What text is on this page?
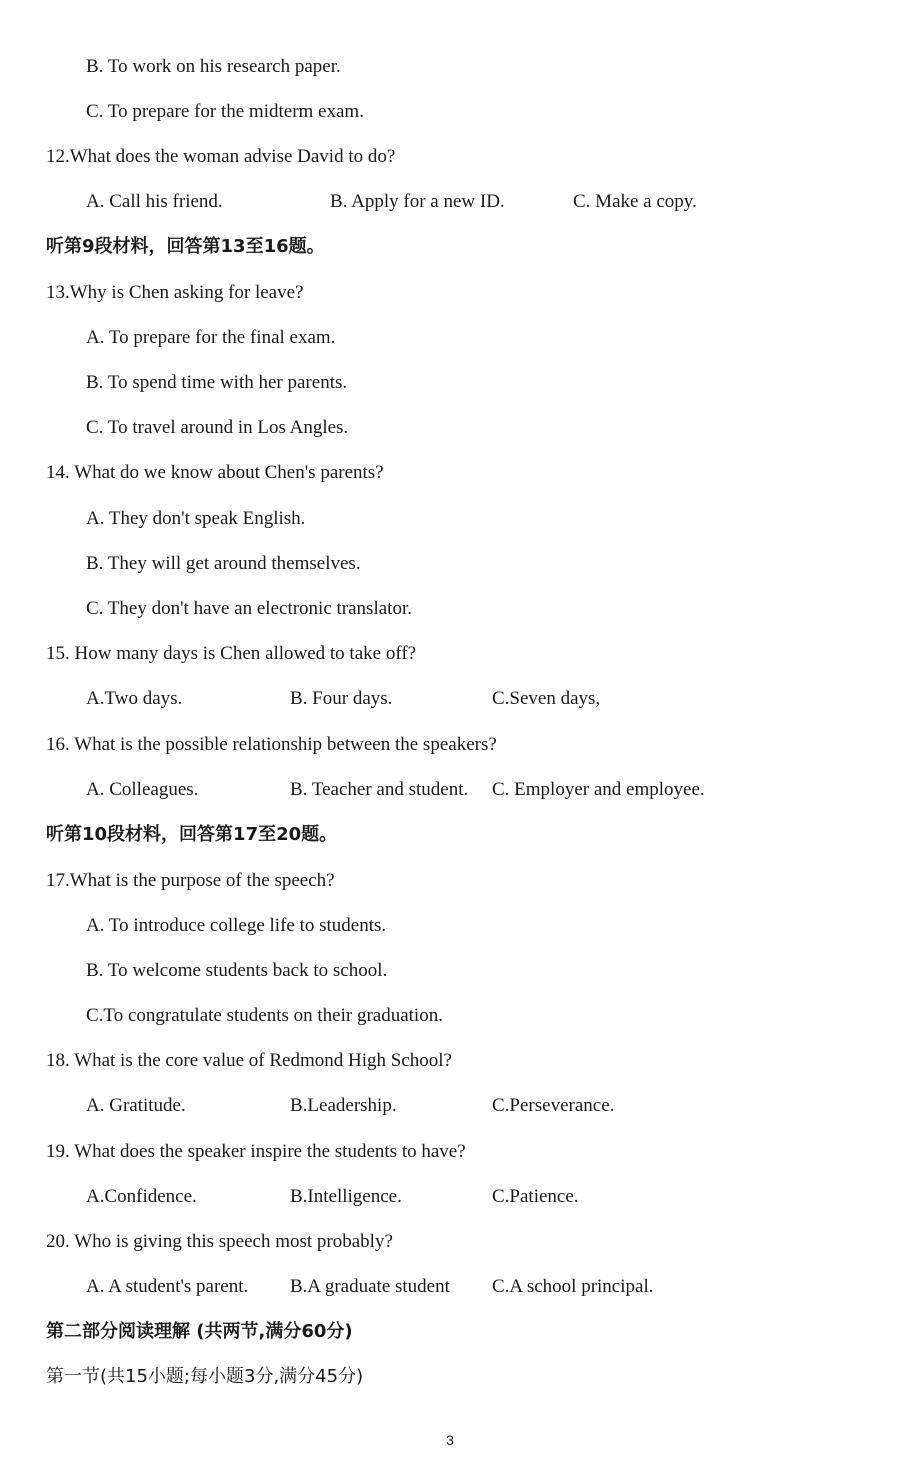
B. To work on his research paper.
C. To prepare for the midterm exam.
12.What does the woman advise David to do?
A. Call his friend.	B. Apply for a new ID.	C. Make a copy.
听第9段材料，回答第13至16题。
13.Why is Chen asking for leave?
A. To prepare for the final exam.
B. To spend time with her parents.
C. To travel around in Los Angles.
14. What do we know about Chen's parents?
A. They don't speak English.
B. They will get around themselves.
C. They don't have an electronic translator.
15. How many days is Chen allowed to take off?
A.Two days.	B. Four days.	C.Seven days,
16. What is the possible relationship between the speakers?
A. Colleagues.	B. Teacher and student. C. Employer and employee.
听第10段材料，回答第17至20题。
17.What is the purpose of the speech?
A. To introduce college life to students.
B. To welcome students back to school.
C.To congratulate students on their graduation.
18. What is the core value of Redmond High School?
A. Gratitude.	B.Leadership.	C.Perseverance.
19. What does the speaker inspire the students to have?
A.Confidence.	B.Intelligence.	C.Patience.
20. Who is giving this speech most probably?
A. A student's parent. B.A graduate student C.A school principal.
第二部分阅读理解 (共两节,满分60分)
第一节(共15小题;每小题3分,满分45分)
3
